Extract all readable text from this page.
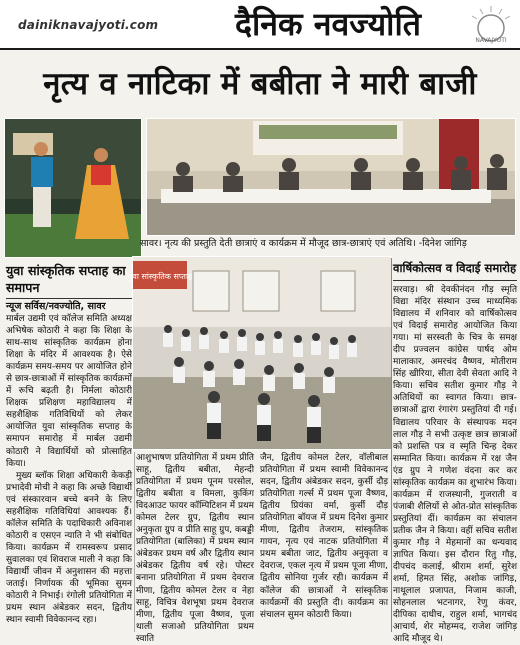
dainiknavajyoti.com दैनिक नवज्योति	NAVAJYOTI
नृत्य व नाटिका में बबीता ने मारी बाजी
सावर। नृत्य की प्रस्तुति देती छात्राएं व कार्यक्रम में मौजूद छात्र-छात्राएं एवं अतिथि। -दिनेश जांगिड़
युवा सांस्कृतिक सप्ताह का समापन
न्यूज सर्विस/नवज्योति, सावर

मार्बल उद्यमी एवं कॉलेज समिति अध्यक्ष अभिषेक कोठारी ने कहा कि शिक्षा के साथ-साथ सांस्कृतिक कार्यक्रम होना शिक्षा के मंदिर में आवश्यक है। ऐसे कार्यक्रम समय-समय पर आयोजित होने से छात्र-छात्राओं में सांस्कृतिक कार्यक्रमों में रूचि बढ़ती है। निर्मला कोठारी शिक्षक प्रशिक्षण महाविद्यालय में सहशैक्षिक गतिविधियों को लेकर आयोजित युवा सांस्कृतिक सप्ताह के समापन समारोह में मार्बल उद्यमी कोठारी ने विद्यार्थियों को प्रोत्साहित किया।

मुख्य ब्लॉक शिक्षा अधिकारी केकड़ी प्रभादेवी मोची ने कहा कि अच्छे विद्यार्थी एवं संस्कारवान बच्चे बनने के लिए सहशैक्षिक गतिविधियां आवश्यक हैं। कॉलेज समिति के पदाधिकारी अविनाश कोठारी व एसएन न्याति ने भी संबोधित किया। कार्यक्रम में रामस्वरूप प्रसाद सुवालका एवं शिवराज माली ने कहा कि विद्यार्थी जीवन में अनुशासन की महत्ता जताई। निर्णायक की भूमिका सुमन कोठारी ने निभाई। रंगोली प्रतियोगिता में प्रथम स्थान अंबेडकर सदन, द्वितीय स्थान स्वामी विवेकानन्द रहा।

युवा सांस्कृतिक सप्ताह

आशुभाषण प्रतियोगिता में प्रथम प्रीति साहू, द्वितीय बबीता, मेहन्दी प्रतियोगिता में प्रथम पूनम परसोल, द्वितीय बबीता व विमला, कुकिंग विदआउट फायर कॉम्पिटिशन में प्रथम कोमल टेलर ग्रुप, द्वितीय स्थान अनुकृता ग्रुप व प्रीति साहू ग्रुप, कबड्डी प्रतियोगिता (बालिका) में प्रथम स्थान अंबेडकर प्रथम वर्ष और द्वितीय स्थान अंबेडकर द्वितीय वर्ष रहे। पोस्टर बनाना प्रतियोगिता में प्रथम देवराज मीणा, द्वितीय कोमल टेलर व नेहा साहू, विचित्र वेशभूषा प्रथम देवराज मीणा, द्वितीय पूजा वैष्णव, पूजा थाली सजाओ प्रतियोगिता प्रथम स्वाति

जैन, द्वितीय कोमल टेलर, वॉलीबाल प्रतियोगिता में प्रथम स्वामी विवेकानन्द सदन, द्वितीय अंबेडकर सदन, कुर्सी दौड़ प्रतियोगिता गर्ल्स में प्रथम पूजा वैष्णव, द्वितीय प्रियंका वर्मा, कुर्सी दौड़ प्रतियोगिता बॉयज में प्रथम दिनेश कुमार मीणा, द्वितीय तेजराम, सांस्कृतिक गायन, नृत्य एवं नाटक प्रतियोगिता में प्रथम बबीता जाट, द्वितीय अनुकृता व देवराज, एकल नृत्य में प्रथम पूजा मीणा, द्वितीय सोनिया गुर्जर रही। कार्यक्रम में कॉलेज की छात्राओं ने सांस्कृतिक कार्यक्रमों की प्रस्तुति दी। कार्यक्रम का संचालन सुमन कोठारी किया।

वार्षिकोत्सव व विदाई समारोह

सरवाड़। श्री देवकीनंदन गौड़ स्मृति विद्या मंदिर संस्थान उच्च माध्यमिक विद्यालय में शनिवार को वार्षिकोत्सव एवं विदाई समारोह आयोजित किया गया। मां सरस्वती के चित्र के समक्ष दीप प्रज्वलन कांग्रेस पार्षद ओम मालाकार, अमरचंद वैष्णव, मोतीराम सिंह खीरिया, सीता देवी सेवता आदि ने किया। सचिव सतीश कुमार गौड़ ने अतिथियों का स्वागत किया। छात्र-छात्राओं द्वारा रंगारंग प्रस्तुतियां दी गई। विद्यालय परिवार के संस्थापक मदन लाल गौड़ ने सभी उत्कृष्ट छात्र छात्राओं को प्रशस्ति पत्र व स्मृति चिन्ह देकर सम्मानित किया। कार्यक्रम में रक्ष जैन एंड ग्रुप ने गणेश वंदना कर कर सांस्कृतिक कार्यक्रम का शुभारंभ किया। कार्यक्रम में राजस्थानी, गुजराती व पंजाबी शैलियों से ओत-प्रोत सांस्कृतिक प्रस्तुतियां दीं। कार्यक्रम का संचालन प्रतीक जैन ने किया। वहीं सचिव सतीश कुमार गौड़ ने मेहमानों का धन्यवाद ज्ञापित किया। इस दौरान रितु गौड़, दीपचंद कलाई, श्रीराम शर्मा, सुरेश शर्मा, हिमत सिंह, अशोक जांगिड़, नाथूलाल प्रजापत, निजाम काजी, सोहनलाल भटनागर, रेणु कंवर, दीपिका दाधीच, राहुल शर्मा, भागचंद आचार्य, शेर मोहम्मद, राजेश जांगिड़ आदि मौजूद थे।
